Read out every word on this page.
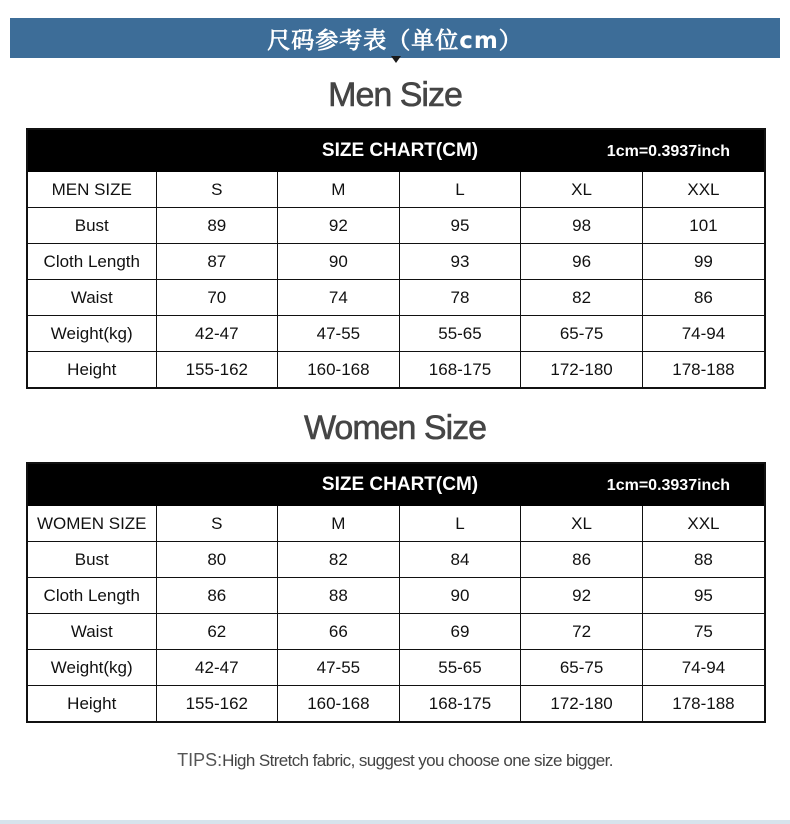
尺码参考表（单位cm）
Men Size
SIZE CHART(CM)	1cm=0.3937inch
MEN SIZE	S	M	L	XL	XXL
Bust	89	92	95	98	101
Cloth Length	87	90	93	96	99
Waist	70	74	78	82	86
Weight(kg)	42-47	47-55	55-65	65-75	74-94
Height	155-162	160-168	168-175	172-180	178-188
Women Size
SIZE CHART(CM)	1cm=0.3937inch
WOMEN SIZE	S	M	L	XL	XXL
Bust	80	82	84	86	88
Cloth Length	86	88	90	92	95
Waist	62	66	69	72	75
Weight(kg)	42-47	47-55	55-65	65-75	74-94
Height	155-162	160-168	168-175	172-180	178-188
TIPS:High Stretch fabric, suggest you choose one size bigger.
